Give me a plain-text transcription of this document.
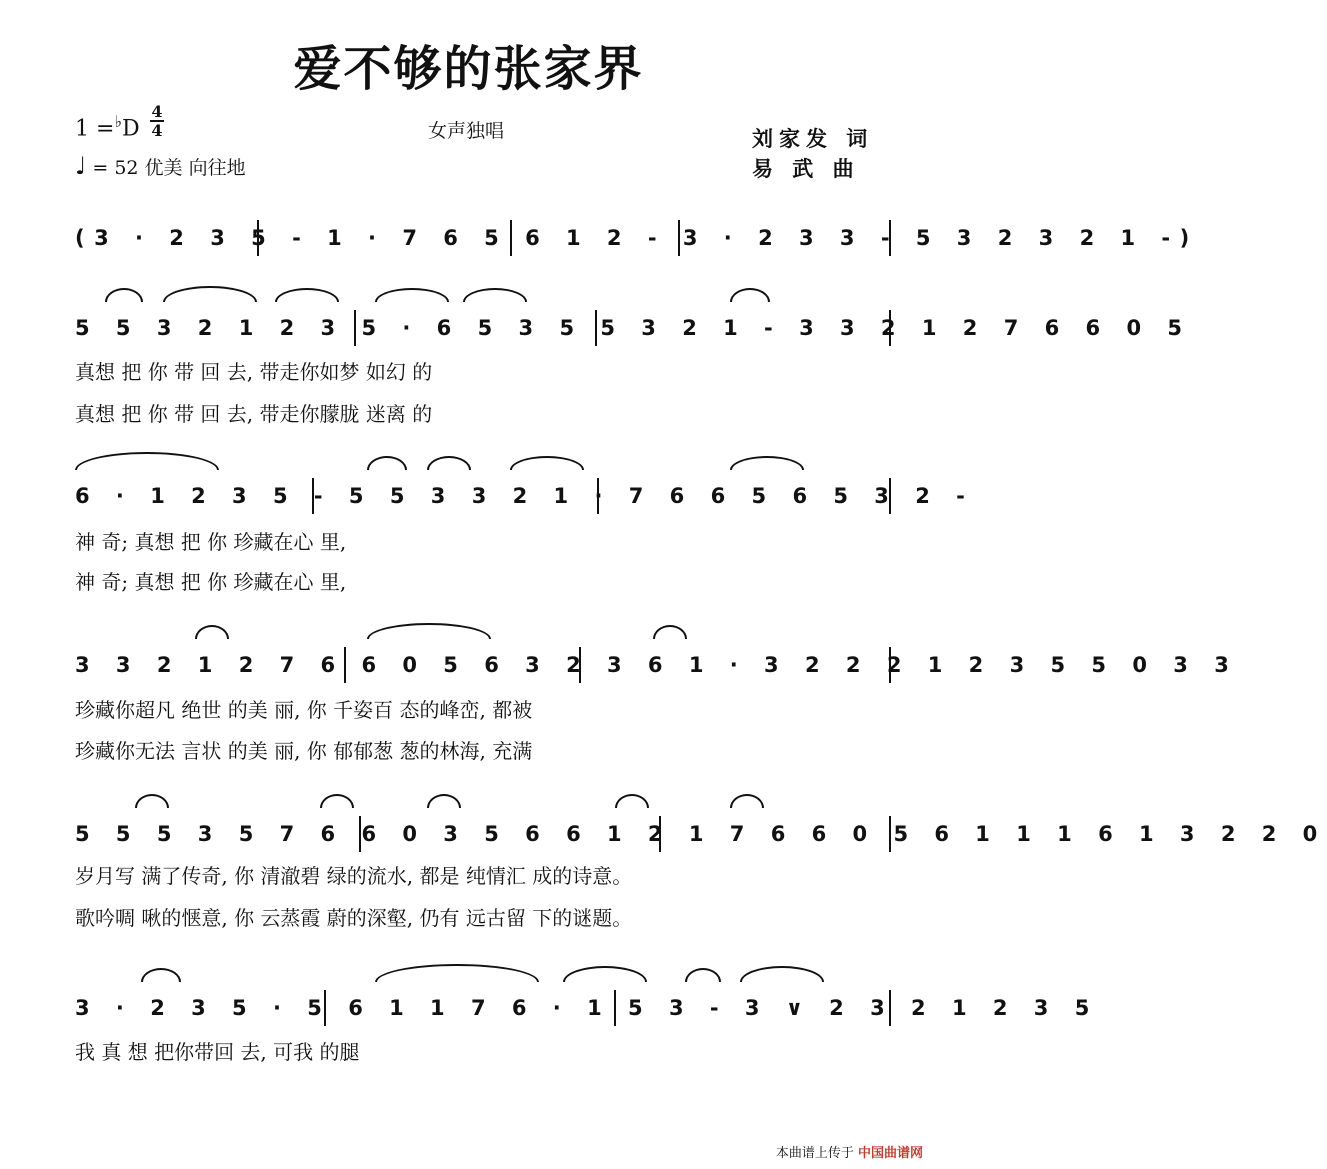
爱不够的张家界
1 =♭D
4
4
♩ = 52 优美 向往地
女声独唱	刘家发 词
易 武 曲
(3 · 2 3 5 - 1 · 7 6 5 6 1 2 - 3 · 2 3 3 - 5 3 2 3 2 1 -)
5 5 3 2 1 2 3 5 · 6 5 3 5 5 3 2 1 - 3 3 2 1 2 7 6 6 0 5
真想 把 你 带 回 去, 带走你如梦 如幻 的
真想 把 你 带 回 去, 带走你朦胧 迷离 的
6 · 1 2 3 5 - 5 5 3 3 2 1 · 7 6 6 5 6 5 3 2 -
神 奇; 真想 把 你 珍藏在心 里,
神 奇; 真想 把 你 珍藏在心 里,
3 3 2 1 2 7 6 6 0 5 6 3 2 3 6 1 · 3 2 2 2 1 2 3 5 5 0 3 3
珍藏你超凡 绝世 的美 丽, 你 千姿百 态的峰峦, 都被
珍藏你无法 言状 的美 丽, 你 郁郁葱 葱的林海, 充满
5 5 5 3 5 7 6 6 0 3 5 6 6 1 2 1 7 6 6 0 5 6 1 1 1 6 1 3 2 2 0
岁月写 满了传奇, 你 清澈碧 绿的流水, 都是 纯情汇 成的诗意。
歌吟啁 啾的惬意, 你 云蒸霞 蔚的深壑, 仍有 远古留 下的谜题。
3 · 2 3 5 · 5 6 1 1 7 6 · 1 5 3 - 3 ∨ 2 3 2 1 2 3 5
我 真 想 把你带回 去, 可我 的腿
本曲谱上传于 中国曲谱网
